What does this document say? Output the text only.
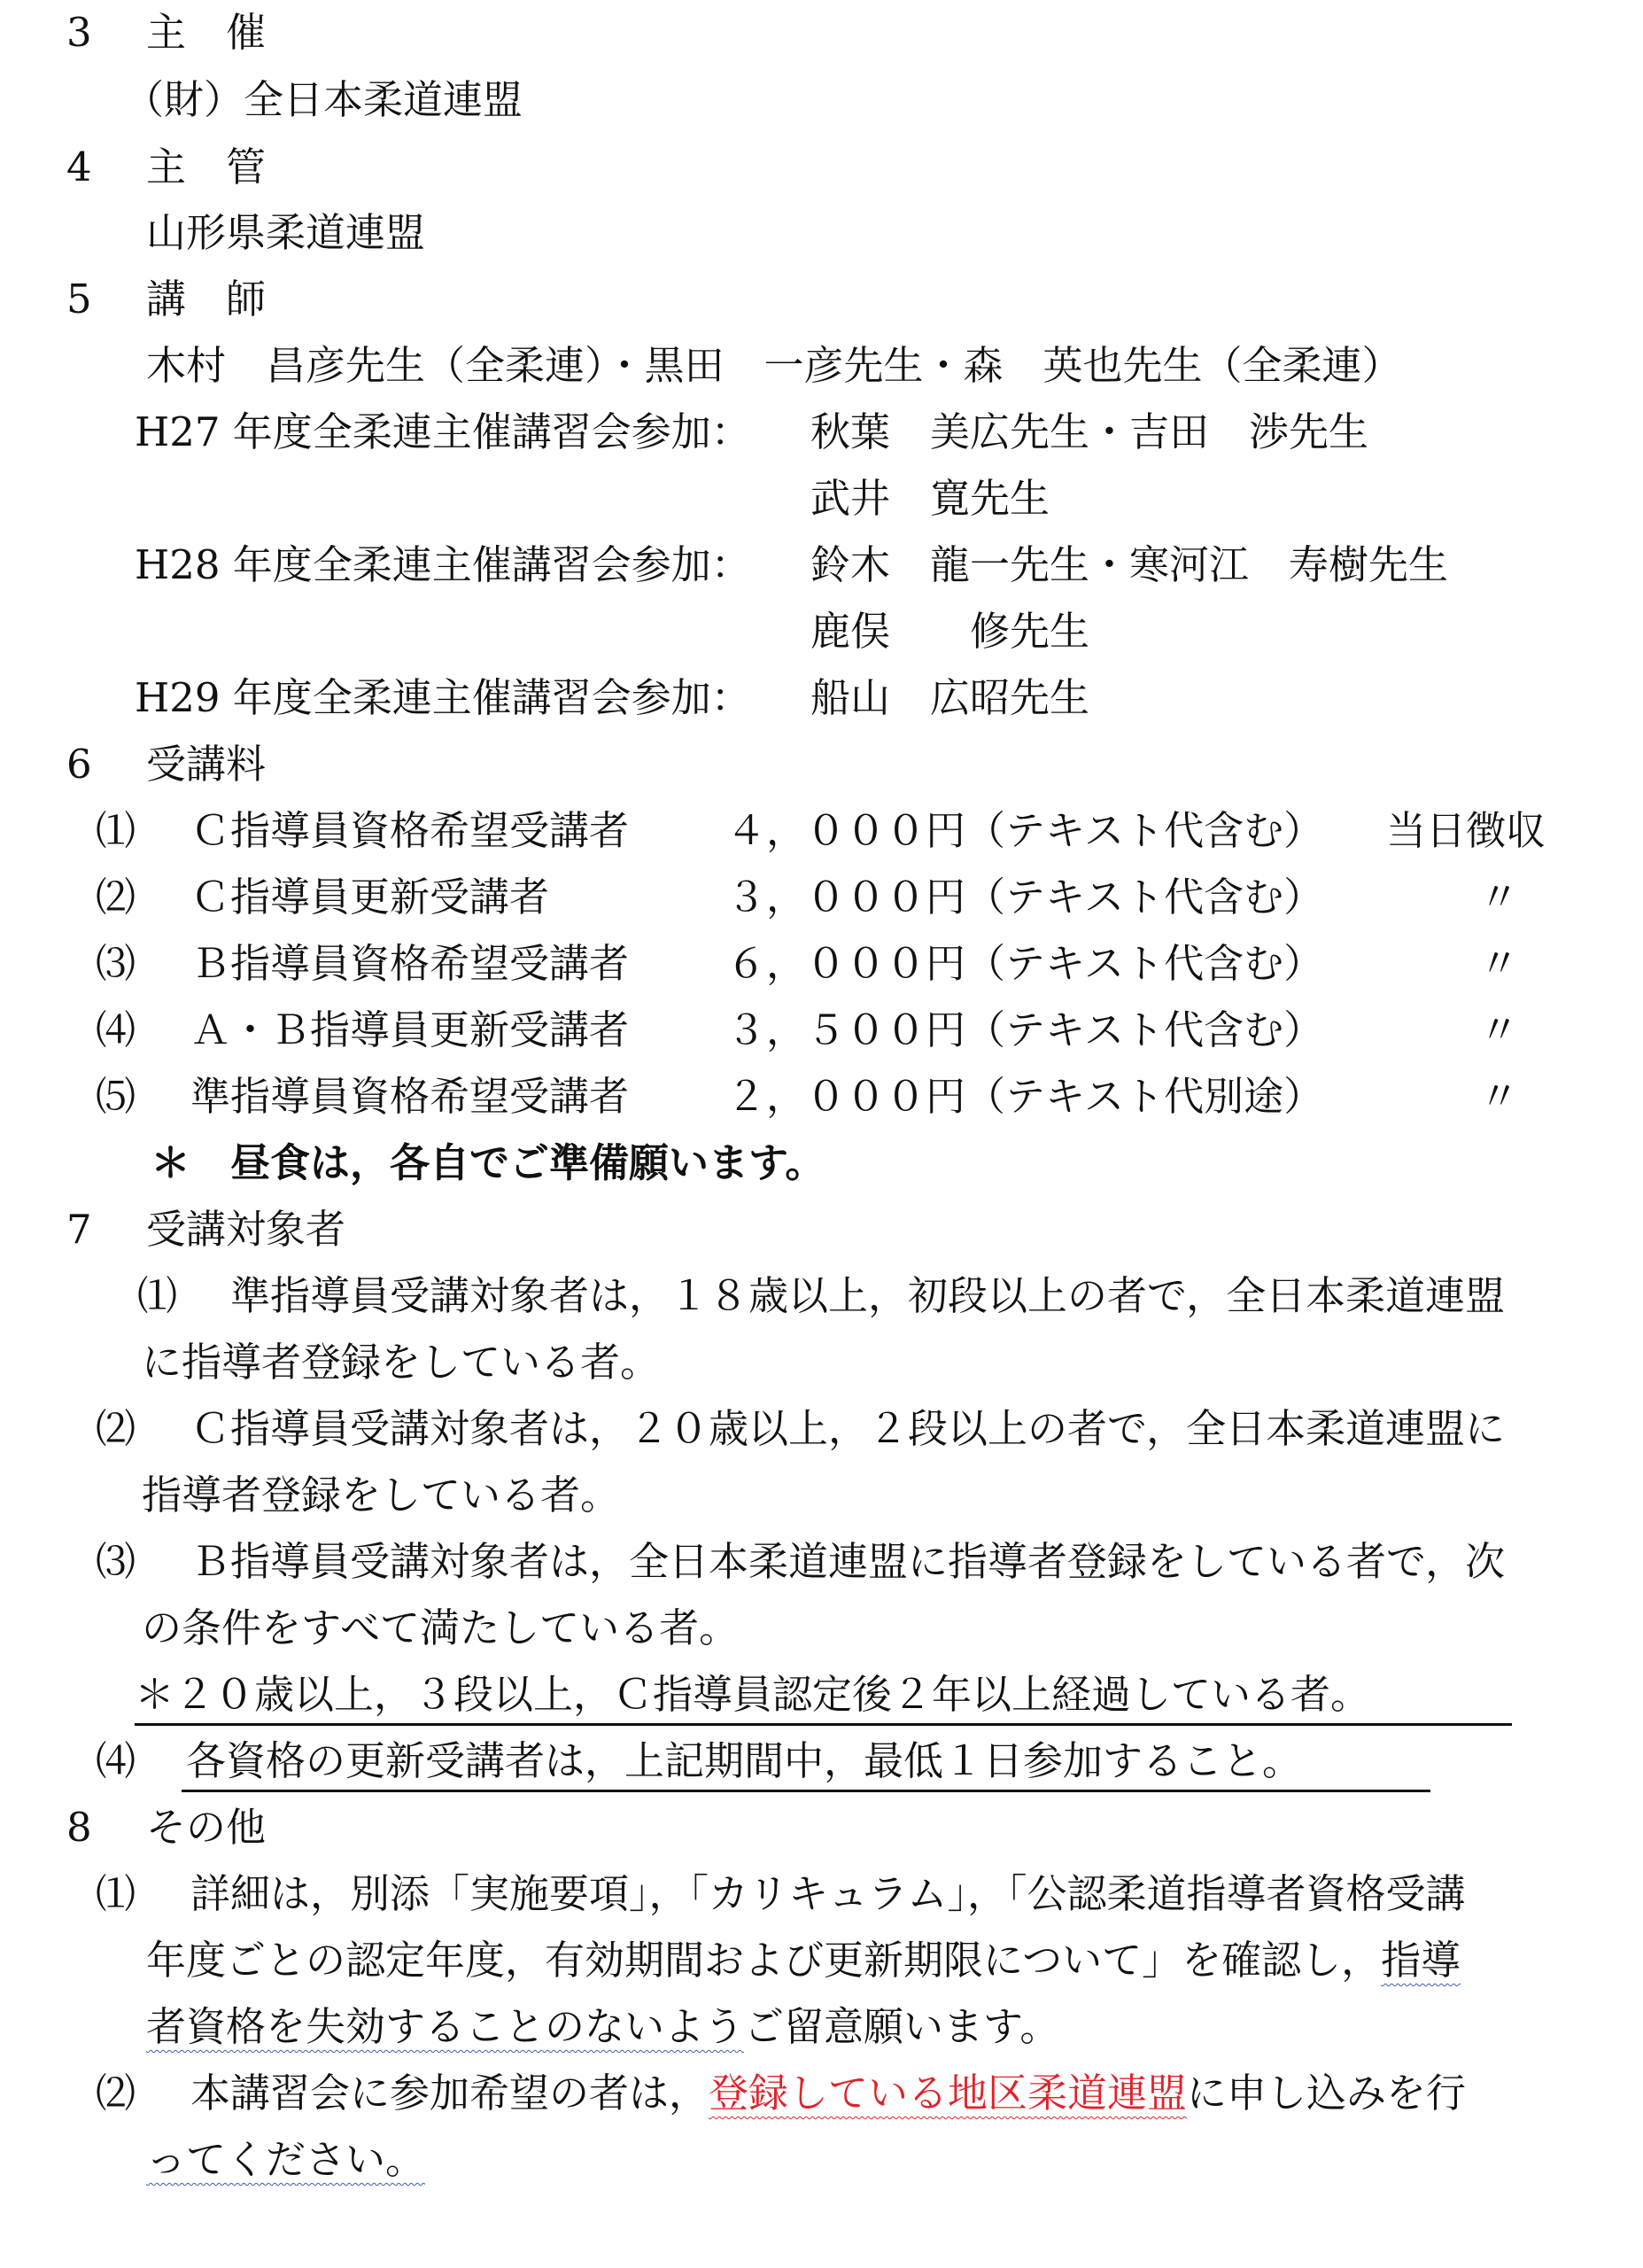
3 主　催
（財）全日本柔道連盟
4 主　管
山形県柔道連盟
5 講　師
木村　昌彦先生（全柔連）・黒田　一彦先生・森　英也先生（全柔連）
H27 年度全柔連主催講習会参加： 秋葉　美広先生・吉田　渉先生
武井　寛先生
H28 年度全柔連主催講習会参加： 鈴木　龍一先生・寒河江　寿樹先生
鹿俣　　修先生
H29 年度全柔連主催講習会参加： 船山　広昭先生
6 受講料
⑴ Ｃ指導員資格希望受講者 ４，０００円（テキスト代含む） 当日徴収
⑵ Ｃ指導員更新受講者	３，０００円（テキスト代含む）	〃
⑶ Ｂ指導員資格希望受講者 ６，０００円（テキスト代含む）	〃
⑷ Ａ・Ｂ指導員更新受講者 ３，５００円（テキスト代含む）	〃
⑸ 準指導員資格希望受講者 ２，０００円（テキスト代別途）	〃
＊　昼食は，各自でご準備願います。
7 受講対象者
⑴ 準指導員受講対象者は，１８歳以上，初段以上の者で，全日本柔道連盟
に指導者登録をしている者。
⑵ Ｃ指導員受講対象者は，２０歳以上，２段以上の者で，全日本柔道連盟に
指導者登録をしている者。
⑶ Ｂ指導員受講対象者は，全日本柔道連盟に指導者登録をしている者で，次
の条件をすべて満たしている者。
＊２０歳以上，３段以上，Ｃ指導員認定後２年以上経過している者。
⑷ 各資格の更新受講者は，上記期間中，最低１日参加すること。
8 その他
⑴ 詳細は，別添「実施要項」，「カリキュラム」，「公認柔道指導者資格受講
年度ごとの認定年度，有効期間および更新期限について」を確認し，指導
者資格を失効することのないようご留意願います。
⑵ 本講習会に参加希望の者は，登録している地区柔道連盟に申し込みを行
ってください。
